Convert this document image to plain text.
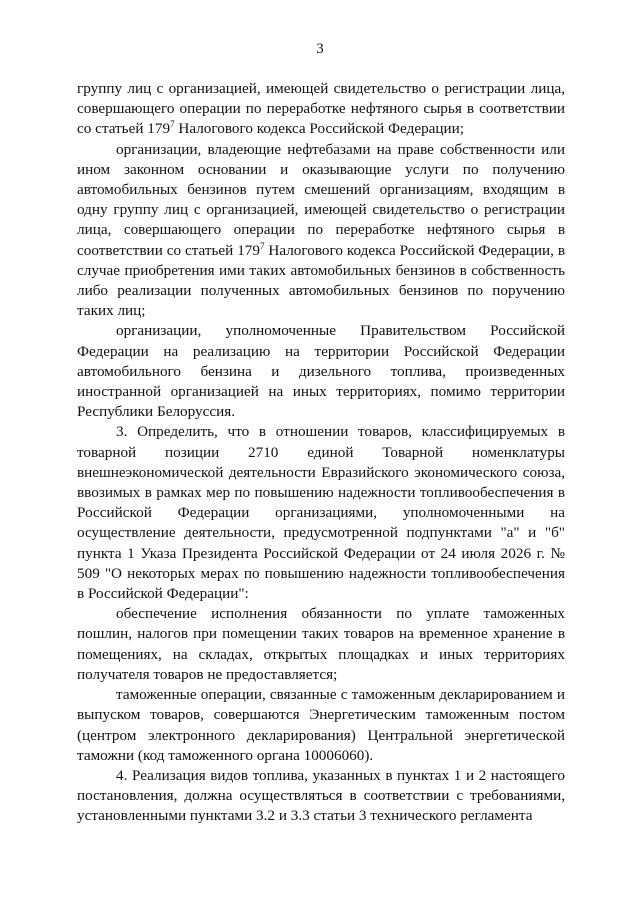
3

группу лиц с организацией, имеющей свидетельство о регистрации лица, совершающего операции по переработке нефтяного сырья в соответствии со статьей $179^7$ Налогового кодекса Российской Федерации;

организации, владеющие нефтебазами на праве собственности или ином законном основании и оказывающие услуги по получению автомобильных бензинов путем смешений организациям, входящим в одну группу лиц с организацией, имеющей свидетельство о регистрации лица, совершающего операции по переработке нефтяного сырья в соответствии со статьей $179^7$ Налогового кодекса Российской Федерации, в случае приобретения ими таких автомобильных бензинов в собственность либо реализации полученных автомобильных бензинов по поручению таких лиц;

организации, уполномоченные Правительством Российской Федерации на реализацию на территории Российской Федерации автомобильного бензина и дизельного топлива, произведенных иностранной организацией на иных территориях, помимо территории Республики Белоруссия.

3. Определить, что в отношении товаров, классифицируемых в товарной позиции 2710 единой Товарной номенклатуры внешнеэкономической деятельности Евразийского экономического союза, ввозимых в рамках мер по повышению надежности топливообеспечения в Российской Федерации организациями, уполномоченными на осуществление деятельности, предусмотренной подпунктами "а" и "б" пункта 1 Указа Президента Российской Федерации от 24 июля 2026 г. № 509 "О некоторых мерах по повышению надежности топливообеспечения в Российской Федерации":

обеспечение исполнения обязанности по уплате таможенных пошлин, налогов при помещении таких товаров на временное хранение в помещениях, на складах, открытых площадках и иных территориях получателя товаров не предоставляется;

таможенные операции, связанные с таможенным декларированием и выпуском товаров, совершаются Энергетическим таможенным постом (центром электронного декларирования) Центральной энергетической таможни (код таможенного органа 10006060).

4. Реализация видов топлива, указанных в пунктах 1 и 2 настоящего постановления, должна осуществляться в соответствии с требованиями, установленными пунктами 3.2 и 3.3 статьи 3 технического регламента
